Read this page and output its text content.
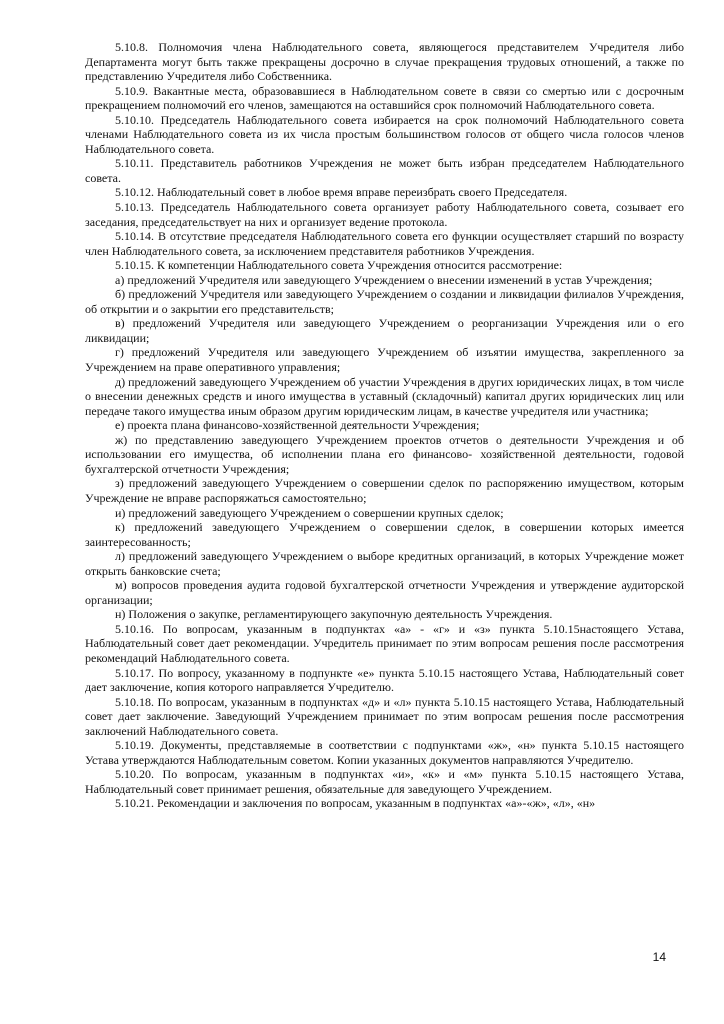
5.10.8. Полномочия члена Наблюдательного совета, являющегося представителем Учредителя либо Департамента могут быть также прекращены досрочно в случае прекращения трудовых отношений, а также по представлению Учредителя либо Собственника.

5.10.9. Вакантные места, образовавшиеся в Наблюдательном совете в связи со смертью или с досрочным прекращением полномочий его членов, замещаются на оставшийся срок полномочий Наблюдательного совета.

5.10.10. Председатель Наблюдательного совета избирается на срок полномочий Наблюдательного совета членами Наблюдательного совета из их числа простым большинством голосов от общего числа голосов членов Наблюдательного совета.

5.10.11. Представитель работников Учреждения не может быть избран председателем Наблюдательного совета.

5.10.12. Наблюдательный совет в любое время вправе переизбрать своего Председателя.

5.10.13. Председатель Наблюдательного совета организует работу Наблюдательного совета, созывает его заседания, председательствует на них и организует ведение протокола.

5.10.14. В отсутствие председателя Наблюдательного совета его функции осуществляет старший по возрасту член Наблюдательного совета, за исключением представителя работников Учреждения.

5.10.15. К компетенции Наблюдательного совета Учреждения относится рассмотрение:

а) предложений Учредителя или заведующего Учреждением о внесении изменений в устав Учреждения;

б) предложений Учредителя или заведующего Учреждением о создании и ликвидации филиалов Учреждения, об открытии и о закрытии его представительств;

в) предложений Учредителя или заведующего Учреждением о реорганизации Учреждения или о его ликвидации;

г) предложений Учредителя или заведующего Учреждением об изъятии имущества, закрепленного за Учреждением на праве оперативного управления;

д) предложений заведующего Учреждением об участии Учреждения в других юридических лицах, в том числе о внесении денежных средств и иного имущества в уставный (складочный) капитал других юридических лиц или передаче такого имущества иным образом другим юридическим лицам, в качестве учредителя или участника;

е) проекта плана финансово-хозяйственной деятельности Учреждения;

ж) по представлению заведующего Учреждением проектов отчетов о деятельности Учреждения и об использовании его имущества, об исполнении плана его финансово- хозяйственной деятельности, годовой бухгалтерской отчетности Учреждения;

з) предложений заведующего Учреждением о совершении сделок по распоряжению имуществом, которым Учреждение не вправе распоряжаться самостоятельно;

и) предложений заведующего Учреждением о совершении крупных сделок;

к) предложений заведующего Учреждением о совершении сделок, в совершении которых имеется заинтересованность;

л) предложений заведующего Учреждением о выборе кредитных организаций, в которых Учреждение может открыть банковские счета;

м) вопросов проведения аудита годовой бухгалтерской отчетности Учреждения и утверждение аудиторской организации;

н) Положения о закупке, регламентирующего закупочную деятельность Учреждения.

5.10.16. По вопросам, указанным в подпунктах «а» - «г» и «з» пункта 5.10.15настоящего Устава, Наблюдательный совет дает рекомендации. Учредитель принимает по этим вопросам решения после рассмотрения рекомендаций Наблюдательного совета.

5.10.17. По вопросу, указанному в подпункте «е» пункта 5.10.15 настоящего Устава, Наблюдательный совет дает заключение, копия которого направляется Учредителю.

5.10.18. По вопросам, указанным в подпунктах «д» и «л» пункта 5.10.15 настоящего Устава, Наблюдательный совет дает заключение. Заведующий Учреждением принимает по этим вопросам решения после рассмотрения заключений Наблюдательного совета.

5.10.19. Документы, представляемые в соответствии с подпунктами «ж», «н» пункта 5.10.15 настоящего Устава утверждаются Наблюдательным советом. Копии указанных документов направляются Учредителю.

5.10.20. По вопросам, указанным в подпунктах «и», «к» и «м» пункта 5.10.15 настоящего Устава, Наблюдательный совет принимает решения, обязательные для заведующего Учреждением.

5.10.21. Рекомендации и заключения по вопросам, указанным в подпунктах «а»-«ж», «л», «н»

14
